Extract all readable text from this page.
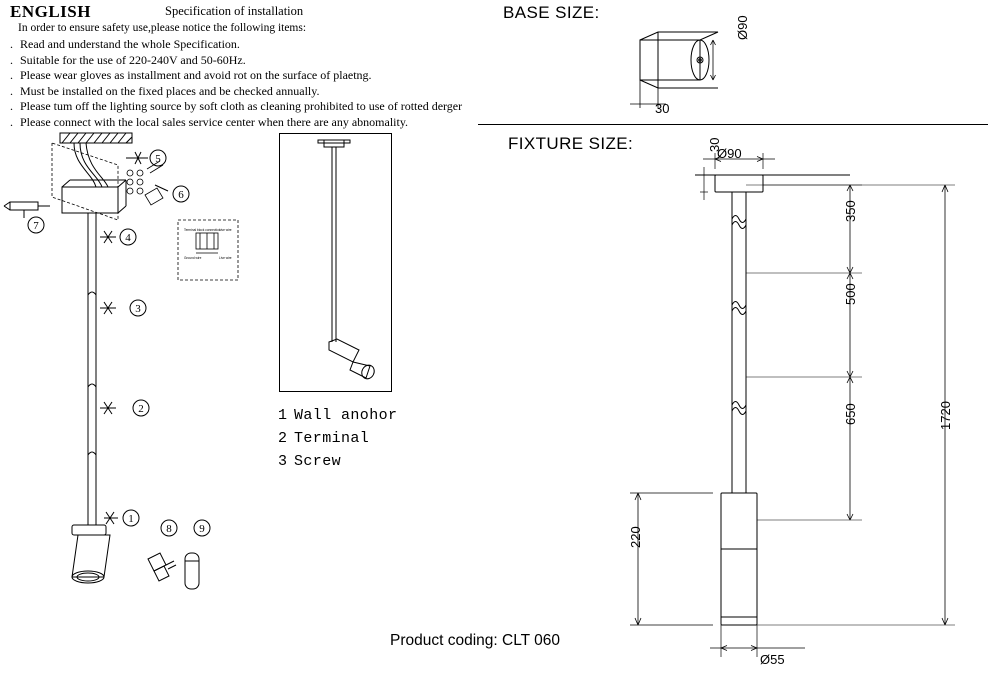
ENGLISH	Specification of installation
In order to ensure safety use,please notice the following items:
. Read and understand the whole Specification.
. Suitable for the use of 220-240V and 50-60Hz.
. Please wear gloves as installment and avoid rot on the surface of plaetng.
. Must be installed on the fixed places and be checked annually.
. Please tum off the lighting source by soft cloth as cleaning prohibited to use of rotted derger
. Please connect with the local sales service center when there are any abnomality.
Terminal block connection
Ground wire	Live wire
Live wire
5
6
4
3
2
1
7
8	9
1 Wall anohor
2 Terminal
3 Screw
BASE SIZE:
Ø90
30
FIXTURE SIZE:	30
Ø90
350
500
650	1720
220
Ø55
Product coding: CLT 060
